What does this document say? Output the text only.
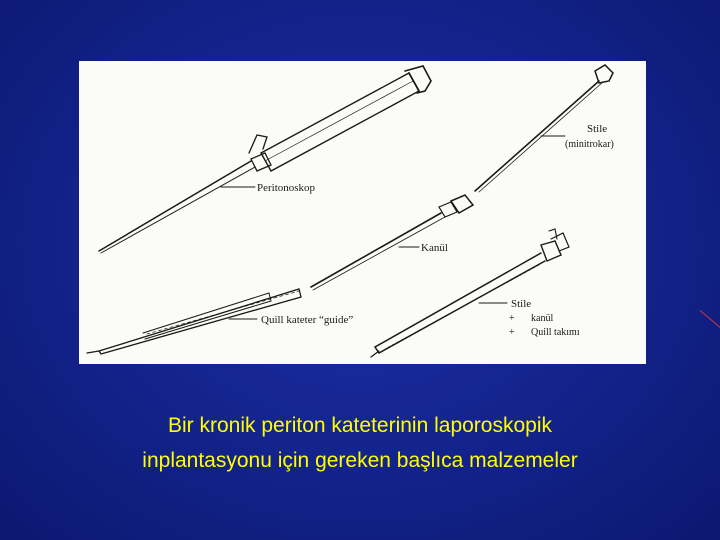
Peritonoskop
Stile
(minitrokar)
Kanül
Quill kateter “guide”
Stile
+ kanül
+ Quill takımı
Bir kronik periton kateterinin laporoskopik
inplantasyonu için gereken başlıca malzemeler
